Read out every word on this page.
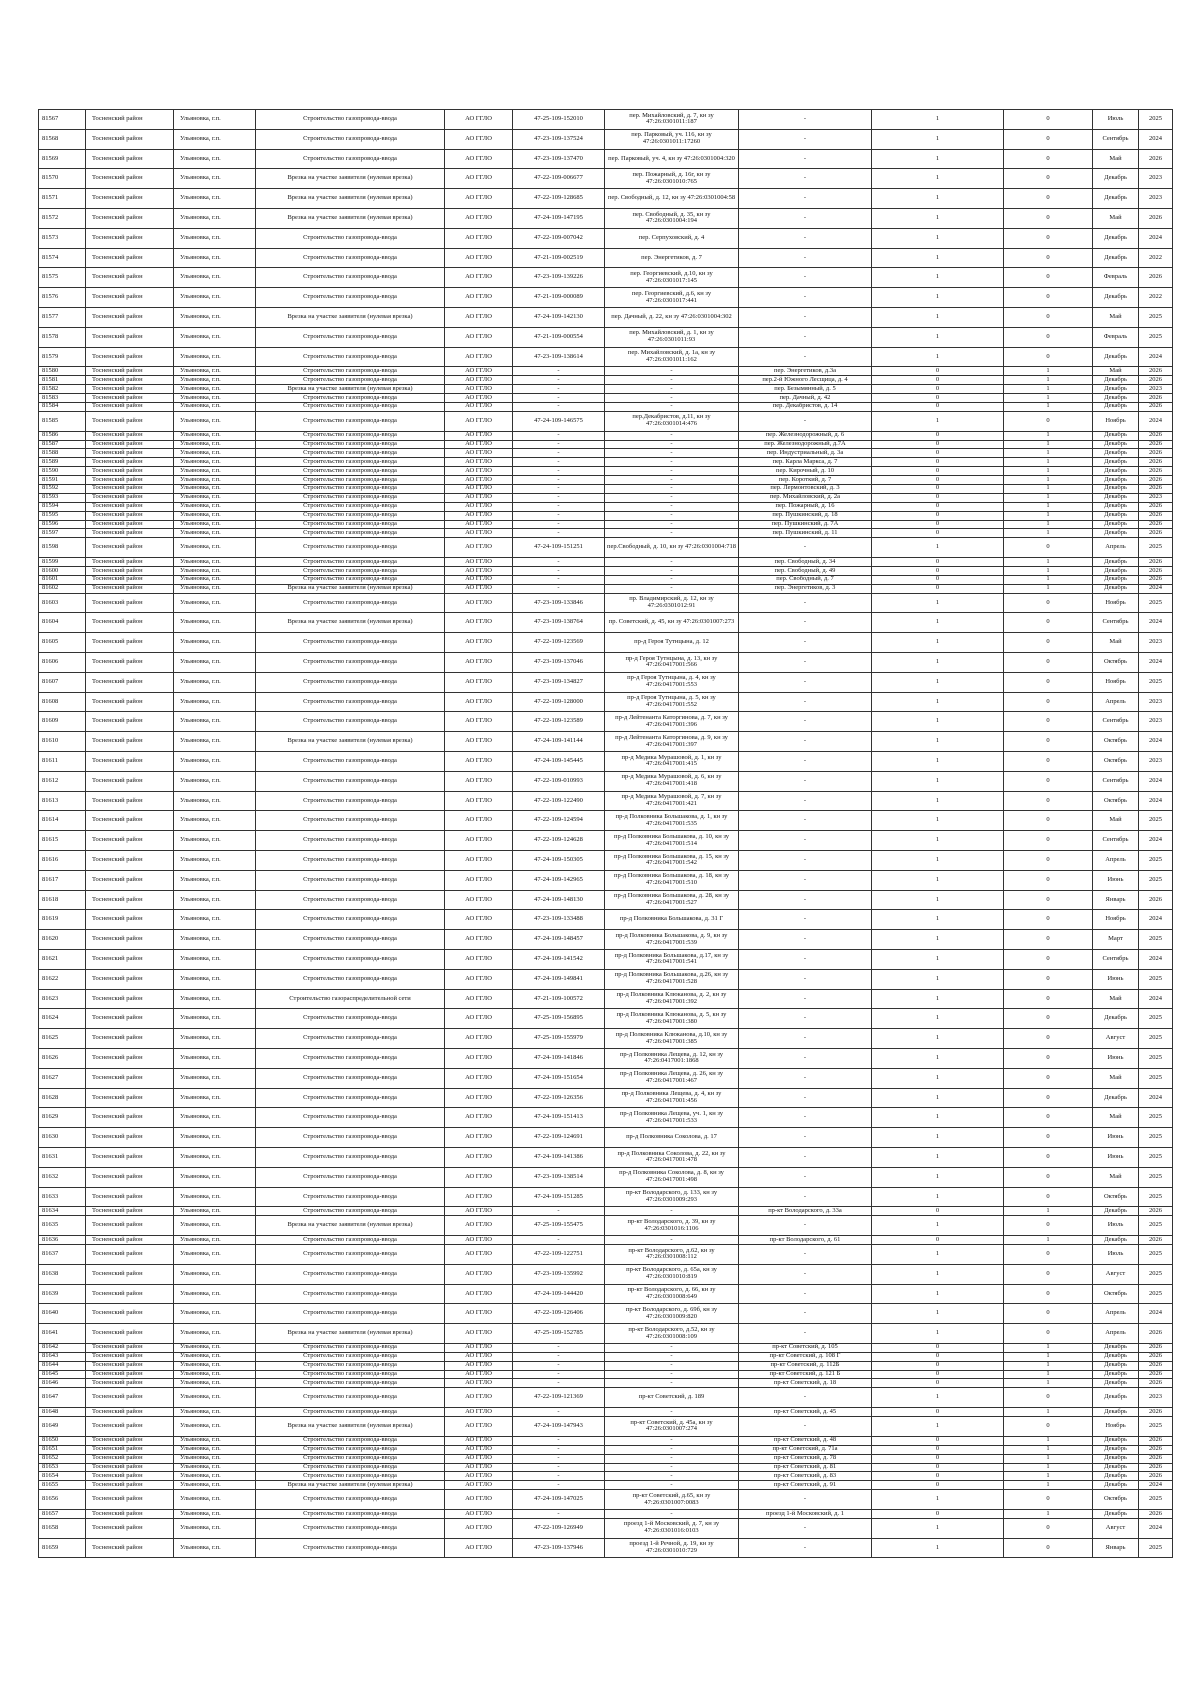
81567	Тосненский район	Ульяновка, г.п.	Строительство газопровода-ввода	АО ГГЛО	47-25-109-152010	пер. Михайловский, д. 7, кн зу 47:26:0301011:187	-	1	0	Июль	2025
81568	Тосненский район	Ульяновка, г.п.	Строительство газопровода-ввода	АО ГГЛО	47-23-109-137524	пер. Парковый, уч. 116, кн зу 47:26:0301011:17260	-	1	0	Сентябрь	2024
81569	Тосненский район	Ульяновка, г.п.	Строительство газопровода-ввода	АО ГГЛО	47-23-109-137470	пер. Парковый, уч. 4, кн зу 47:26:0301004:320	-	1	0	Май	2026
81570	Тосненский район	Ульяновка, г.п.	Врезка на участке заявителя (нулевая врезка)	АО ГГЛО	47-22-109-006677	пер. Пожарный, д. 16г, кн зу 47:26:0301010:765	-	1	0	Декабрь	2023
81571	Тосненский район	Ульяновка, г.п.	Врезка на участке заявителя (нулевая врезка)	АО ГГЛО	47-22-109-128685	пер. Свободный, д. 12, кн зу 47:26:0301004:58	-	1	0	Декабрь	2023
81572	Тосненский район	Ульяновка, г.п.	Врезка на участке заявителя (нулевая врезка)	АО ГГЛО	47-24-109-147195	пер. Свободный, д. 35, кн зу 47:26:0301004:194	-	1	0	Май	2026
81573	Тосненский район	Ульяновка, г.п.	Строительство газопровода-ввода	АО ГГЛО	47-22-109-007042	пер. Серпуховский, д. 4	-	1	0	Декабрь	2024
81574	Тосненский район	Ульяновка, г.п.	Строительство газопровода-ввода	АО ГГЛО	47-21-109-002519	пер. Энергетиков, д. 7	-	1	0	Декабрь	2022
81575	Тосненский район	Ульяновка, г.п.	Строительство газопровода-ввода	АО ГГЛО	47-23-109-139226	пер. Георгиевский, д.10, кн зу 47:26:0301017:145	-	1	0	Февраль	2026
81576	Тосненский район	Ульяновка, г.п.	Строительство газопровода-ввода	АО ГГЛО	47-21-109-000089	пер. Георгиевский, д.6, кн зу 47:26:0301017:441	-	1	0	Декабрь	2022
81577	Тосненский район	Ульяновка, г.п.	Врезка на участке заявителя (нулевая врезка)	АО ГГЛО	47-24-109-142130	пер. Дачный, д. 22, кн зу 47:26:0301004:302	-	1	0	Май	2025
81578	Тосненский район	Ульяновка, г.п.	Строительство газопровода-ввода	АО ГГЛО	47-21-109-000554	пер. Михайловский, д. 1, кн зу 47:26:0301011:93	-	1	0	Февраль	2025
81579	Тосненский район	Ульяновка, г.п.	Строительство газопровода-ввода	АО ГГЛО	47-23-109-138614	пер. Михайловский, д. 1а, кн зу 47:26:0301011:162	-	1	0	Декабрь	2024
81580	Тосненский район	Ульяновка, г.п.	Строительство газопровода-ввода	АО ГГЛО	-	-	пер. Энергетиков, д.3а	0	1	Май	2026
81581	Тосненский район	Ульяновка, г.п.	Строительство газопровода-ввода	АО ГГЛО	-	-	пер.2-й Южного Лесщица, д. 4	0	1	Декабрь	2026
81582	Тосненский район	Ульяновка, г.п.	Врезка на участке заявителя (нулевая врезка)	АО ГГЛО	-	-	пер. Безымянный, д. 5	0	1	Декабрь	2023
81583	Тосненский район	Ульяновка, г.п.	Строительство газопровода-ввода	АО ГГЛО	-	-	пер. Дачный, д. 42	0	1	Декабрь	2026
81584	Тосненский район	Ульяновка, г.п.	Строительство газопровода-ввода	АО ГГЛО	-	-	пер. Декабристов, д. 14	0	1	Декабрь	2026
81585	Тосненский район	Ульяновка, г.п.	Строительство газопровода-ввода	АО ГГЛО	47-24-109-146575	пер.Декабристов, д.11, кн зу 47:26:0301014:476	-	1	0	Ноябрь	2024
81586	Тосненский район	Ульяновка, г.п.	Строительство газопровода-ввода	АО ГГЛО	-	-	пер. Железнодорожный, д. 6	0	1	Декабрь	2026
81587	Тосненский район	Ульяновка, г.п.	Строительство газопровода-ввода	АО ГГЛО	-	-	пер. Железнодорожный, д.7А	0	1	Декабрь	2026
81588	Тосненский район	Ульяновка, г.п.	Строительство газопровода-ввода	АО ГГЛО	-	-	пер. Индустриальный, д. 3а	0	1	Декабрь	2026
81589	Тосненский район	Ульяновка, г.п.	Строительство газопровода-ввода	АО ГГЛО	-	-	пер. Карла Маркса, д. 7	0	1	Декабрь	2026
81590	Тосненский район	Ульяновка, г.п.	Строительство газопровода-ввода	АО ГГЛО	-	-	пер. Кирочный, д. 10	0	1	Декабрь	2026
81591	Тосненский район	Ульяновка, г.п.	Строительство газопровода-ввода	АО ГГЛО	-	-	пер. Короткий, д. 7	0	1	Декабрь	2026
81592	Тосненский район	Ульяновка, г.п.	Строительство газопровода-ввода	АО ГГЛО	-	-	пер. Лермонтовский, д. 3	0	1	Декабрь	2026
81593	Тосненский район	Ульяновка, г.п.	Строительство газопровода-ввода	АО ГГЛО	-	-	пер. Михайловский, д. 2а	0	1	Декабрь	2023
81594	Тосненский район	Ульяновка, г.п.	Строительство газопровода-ввода	АО ГГЛО	-	-	пер. Пожарный, д. 16	0	1	Декабрь	2026
81595	Тосненский район	Ульяновка, г.п.	Строительство газопровода-ввода	АО ГГЛО	-	-	пер. Пушкинский, д. 18	0	1	Декабрь	2026
81596	Тосненский район	Ульяновка, г.п.	Строительство газопровода-ввода	АО ГГЛО	-	-	пер. Пушкинский, д. 7А	0	1	Декабрь	2026
81597	Тосненский район	Ульяновка, г.п.	Строительство газопровода-ввода	АО ГГЛО	-	-	пер. Пушкинский, д. 11	0	1	Декабрь	2026
81598	Тосненский район	Ульяновка, г.п.	Строительство газопровода-ввода	АО ГГЛО	47-24-109-151251	пер.Свободный, д. 10, кн зу 47:26:0301004:718	-	1	0	Апрель	2025
81599	Тосненский район	Ульяновка, г.п.	Строительство газопровода-ввода	АО ГГЛО	-	-	пер. Свободный, д. 34	0	1	Декабрь	2026
81600	Тосненский район	Ульяновка, г.п.	Строительство газопровода-ввода	АО ГГЛО	-	-	пер. Свободный, д. 49	0	1	Декабрь	2026
81601	Тосненский район	Ульяновка, г.п.	Строительство газопровода-ввода	АО ГГЛО	-	-	пер. Свободный, д. 7	0	1	Декабрь	2026
81602	Тосненский район	Ульяновка, г.п.	Врезка на участке заявителя (нулевая врезка)	АО ГГЛО	-	-	пер. Энергетиков, д. 3	0	1	Декабрь	2024
81603	Тосненский район	Ульяновка, г.п.	Строительство газопровода-ввода	АО ГГЛО	47-23-109-133846	пр. Владимирский, д. 12, кн зу 47:26:0301012:91	-	1	0	Ноябрь	2025
81604	Тосненский район	Ульяновка, г.п.	Врезка на участке заявителя (нулевая врезка)	АО ГГЛО	47-23-109-138764	пр. Советский, д. 45, кн зу 47:26:0301007:273	-	1	0	Сентябрь	2024
81605	Тосненский район	Ульяновка, г.п.	Строительство газопровода-ввода	АО ГГЛО	47-22-109-123569	пр-д Героя Тутнцына, д. 12	-	1	0	Май	2023
81606	Тосненский район	Ульяновка, г.п.	Строительство газопровода-ввода	АО ГГЛО	47-23-109-137046	пр-д Героя Тутнцына, д. 13, кн зу 47:26:0417001:566	-	1	0	Октябрь	2024
81607	Тосненский район	Ульяновка, г.п.	Строительство газопровода-ввода	АО ГГЛО	47-23-109-134827	пр-д Героя Тутнцына, д. 4, кн зу 47:26:0417001:553	-	1	0	Ноябрь	2025
81608	Тосненский район	Ульяновка, г.п.	Строительство газопровода-ввода	АО ГГЛО	47-22-109-128000	пр-д Героя Тутнцына, д. 5, кн зу 47:26:0417001:552	-	1	0	Апрель	2023
81609	Тосненский район	Ульяновка, г.п.	Строительство газопровода-ввода	АО ГГЛО	47-22-109-123589	пр-д Лейтенанта Каторгинова, д. 7, кн зу 47:26:0417001:396	-	1	0	Сентябрь	2023
81610	Тосненский район	Ульяновка, г.п.	Врезка на участке заявителя (нулевая врезка)	АО ГГЛО	47-24-109-141144	пр-д Лейтенанта Каторгинова, д. 9, кн зу 47:26:0417001:397	-	1	0	Октябрь	2024
81611	Тосненский район	Ульяновка, г.п.	Строительство газопровода-ввода	АО ГГЛО	47-24-109-145445	пр-д Медика Мурашовой, д. 1, кн зу 47:26:0417001:415	-	1	0	Октябрь	2023
81612	Тосненский район	Ульяновка, г.п.	Строительство газопровода-ввода	АО ГГЛО	47-22-109-010993	пр-д Медика Мурашовой, д. 6, кн зу 47:26:0417001:418	-	1	0	Сентябрь	2024
81613	Тосненский район	Ульяновка, г.п.	Строительство газопровода-ввода	АО ГГЛО	47-22-109-122490	пр-д Медика Мурашовой, д. 7, кн зу 47:26:0417001:421	-	1	0	Октябрь	2024
81614	Тосненский район	Ульяновка, г.п.	Строительство газопровода-ввода	АО ГГЛО	47-22-109-124594	пр-д Полковника Большакова, д. 1, кн зу 47:26:0417001:535	-	1	0	Май	2025
81615	Тосненский район	Ульяновка, г.п.	Строительство газопровода-ввода	АО ГГЛО	47-22-109-124628	пр-д Полковника Большакова, д. 10, кн зу 47:26:0417001:514	-	1	0	Сентябрь	2024
81616	Тосненский район	Ульяновка, г.п.	Строительство газопровода-ввода	АО ГГЛО	47-24-109-150305	пр-д Полковника Большакова, д. 15, кн зу 47:26:0417001:542	-	1	0	Апрель	2025
81617	Тосненский район	Ульяновка, г.п.	Строительство газопровода-ввода	АО ГГЛО	47-24-109-142965	пр-д Полковника Большакова, д. 18, кн зу 47:26:0417001:510	-	1	0	Июнь	2025
81618	Тосненский район	Ульяновка, г.п.	Строительство газопровода-ввода	АО ГГЛО	47-24-109-148130	пр-д Полковника Большакова, д. 28, кн зу 47:26:0417001:527	-	1	0	Январь	2026
81619	Тосненский район	Ульяновка, г.п.	Строительство газопровода-ввода	АО ГГЛО	47-23-109-133488	пр-д Полковника Большакова, д. 31 Г	-	1	0	Ноябрь	2024
81620	Тосненский район	Ульяновка, г.п.	Строительство газопровода-ввода	АО ГГЛО	47-24-109-148457	пр-д Полковника Большакова, д. 9, кн зу 47:26:0417001:539	-	1	0	Март	2025
81621	Тосненский район	Ульяновка, г.п.	Строительство газопровода-ввода	АО ГГЛО	47-24-109-141542	пр-д Полковника Большакова, д.17, кн зу 47:26:0417001:541	-	1	0	Сентябрь	2024
81622	Тосненский район	Ульяновка, г.п.	Строительство газопровода-ввода	АО ГГЛО	47-24-109-149841	пр-д Полковника Большакова, д.26, кн зу 47:26:0417001:528	-	1	0	Июнь	2025
81623	Тосненский район	Ульяновка, г.п.	Строительство газораспределительной сети	АО ГГЛО	47-21-109-100572	пр-д Полковника Клюканова, д. 2, кн зу 47:26:0417001:392	-	1	0	Май	2024
81624	Тосненский район	Ульяновка, г.п.	Строительство газопровода-ввода	АО ГГЛО	47-25-109-156895	пр-д Полковника Клюканова, д. 5, кн зу 47:26:0417001:380	-	1	0	Декабрь	2025
81625	Тосненский район	Ульяновка, г.п.	Строительство газопровода-ввода	АО ГГЛО	47-25-109-155979	пр-д Полковника Клюканова, д.10, кн зу 47:26:0417001:385	-	1	0	Август	2025
81626	Тосненский район	Ульяновка, г.п.	Строительство газопровода-ввода	АО ГГЛО	47-24-109-141846	пр-д Полковника Лещева, д. 12, кн зу 47:26:0417001:1868	-	1	0	Июнь	2025
81627	Тосненский район	Ульяновка, г.п.	Строительство газопровода-ввода	АО ГГЛО	47-24-109-151654	пр-д Полковника Лещева, д. 26, кн зу 47:26:0417001:467	-	1	0	Май	2025
81628	Тосненский район	Ульяновка, г.п.	Строительство газопровода-ввода	АО ГГЛО	47-22-109-126356	пр-д Полковника Лещева, д. 4, кн зу 47:26:0417001:456	-	1	0	Декабрь	2024
81629	Тосненский район	Ульяновка, г.п.	Строительство газопровода-ввода	АО ГГЛО	47-24-109-151413	пр-д Полковника Лещева, уч. 1, кн зу 47:26:0417001:533	-	1	0	Май	2025
81630	Тосненский район	Ульяновка, г.п.	Строительство газопровода-ввода	АО ГГЛО	47-22-109-124691	пр-д Полковника Соколова, д. 17	-	1	0	Июнь	2025
81631	Тосненский район	Ульяновка, г.п.	Строительство газопровода-ввода	АО ГГЛО	47-24-109-141386	пр-д Полковника Соколова, д. 22, кн зу 47:26:0417001:478	-	1	0	Июнь	2025
81632	Тосненский район	Ульяновка, г.п.	Строительство газопровода-ввода	АО ГГЛО	47-23-109-138514	пр-д Полковника Соколова, д. 8, кн зу 47:26:0417001:498	-	1	0	Май	2025
81633	Тосненский район	Ульяновка, г.п.	Строительство газопровода-ввода	АО ГГЛО	47-24-109-151285	пр-кт Володарского, д. 133, кн зу 47:26:0301009:293	-	1	0	Октябрь	2025
81634	Тосненский район	Ульяновка, г.п.	Строительство газопровода-ввода	АО ГГЛО	-	-	пр-кт Володарского, д. 33а	0	1	Декабрь	2026
81635	Тосненский район	Ульяновка, г.п.	Врезка на участке заявителя (нулевая врезка)	АО ГГЛО	47-25-109-155475	пр-кт Володарского, д. 39, кн зу 47:26:0301016:1106	-	1	0	Июль	2025
81636	Тосненский район	Ульяновка, г.п.	Строительство газопровода-ввода	АО ГГЛО	-	-	пр-кт Володарского, д. 61	0	1	Декабрь	2026
81637	Тосненский район	Ульяновка, г.п.	Строительство газопровода-ввода	АО ГГЛО	47-22-109-122751	пр-кт Володарского, д.62, кн зу 47:26:0301008:112	-	1	0	Июль	2025
81638	Тосненский район	Ульяновка, г.п.	Строительство газопровода-ввода	АО ГГЛО	47-23-109-135992	пр-кт Володарского, д. 65а, кн зу 47:26:0301010:819	-	1	0	Август	2025
81639	Тосненский район	Ульяновка, г.п.	Строительство газопровода-ввода	АО ГГЛО	47-24-109-144420	пр-кт Володарского, д. 66, кн зу 47:26:0301008:649	-	1	0	Октябрь	2025
81640	Тосненский район	Ульяновка, г.п.	Строительство газопровода-ввода	АО ГГЛО	47-22-109-126406	пр-кт Володарского, д. 69б, кн зу 47:26:0301009:820	-	1	0	Апрель	2024
81641	Тосненский район	Ульяновка, г.п.	Врезка на участке заявителя (нулевая врезка)	АО ГГЛО	47-25-109-152785	пр-кт Володарского, д.52, кн зу 47:26:0301008:109	-	1	0	Апрель	2026
81642	Тосненский район	Ульяновка, г.п.	Строительство газопровода-ввода	АО ГГЛО	-	-	пр-кт Советский, д. 105	0	1	Декабрь	2026
81643	Тосненский район	Ульяновка, г.п.	Строительство газопровода-ввода	АО ГГЛО	-	-	пр-кт Советский, д. 108 Г	0	1	Декабрь	2026
81644	Тосненский район	Ульяновка, г.п.	Строительство газопровода-ввода	АО ГГЛО	-	-	пр-кт Советский, д. 112Б	0	1	Декабрь	2026
81645	Тосненский район	Ульяновка, г.п.	Строительство газопровода-ввода	АО ГГЛО	-	-	пр-кт Советский, д. 121 Б	0	1	Декабрь	2026
81646	Тосненский район	Ульяновка, г.п.	Строительство газопровода-ввода	АО ГГЛО	-	-	пр-кт Советский, д. 18	0	1	Декабрь	2026
81647	Тосненский район	Ульяновка, г.п.	Строительство газопровода-ввода	АО ГГЛО	47-22-109-121369	пр-кт Советский, д. 189	-	1	0	Декабрь	2023
81648	Тосненский район	Ульяновка, г.п.	Строительство газопровода-ввода	АО ГГЛО	-	-	пр-кт Советский, д. 45	0	1	Декабрь	2026
81649	Тосненский район	Ульяновка, г.п.	Врезка на участке заявителя (нулевая врезка)	АО ГГЛО	47-24-109-147943	пр-кт Советский, д. 45а, кн зу 47:26:0301007:274	-	1	0	Ноябрь	2025
81650	Тосненский район	Ульяновка, г.п.	Строительство газопровода-ввода	АО ГГЛО	-	-	пр-кт Советский, д. 48	0	1	Декабрь	2026
81651	Тосненский район	Ульяновка, г.п.	Строительство газопровода-ввода	АО ГГЛО	-	-	пр-кт Советский, д. 71а	0	1	Декабрь	2026
81652	Тосненский район	Ульяновка, г.п.	Строительство газопровода-ввода	АО ГГЛО	-	-	пр-кт Советский, д. 78	0	1	Декабрь	2026
81653	Тосненский район	Ульяновка, г.п.	Строительство газопровода-ввода	АО ГГЛО	-	-	пр-кт Советский, д. 81	0	1	Декабрь	2026
81654	Тосненский район	Ульяновка, г.п.	Строительство газопровода-ввода	АО ГГЛО	-	-	пр-кт Советский, д. 83	0	1	Декабрь	2026
81655	Тосненский район	Ульяновка, г.п.	Врезка на участке заявителя (нулевая врезка)	АО ГГЛО	-	-	пр-кт Советский, д. 91	0	1	Декабрь	2024
81656	Тосненский район	Ульяновка, г.п.	Строительство газопровода-ввода	АО ГГЛО	47-24-109-147025	пр-кт Советский, д.65, кн зу 47:26:0301007:0083	-	1	0	Октябрь	2025
81657	Тосненский район	Ульяновка, г.п.	Строительство газопровода-ввода	АО ГГЛО	-	-	проезд 1-й Московский, д. 1	0	1	Декабрь	2026
81658	Тосненский район	Ульяновка, г.п.	Строительство газопровода-ввода	АО ГГЛО	47-22-109-126949	проезд 1-й Московский, д. 7, кн зу 47:26:0301016:0103	-	1	0	Август	2024
81659	Тосненский район	Ульяновка, г.п.	Строительство газопровода-ввода	АО ГГЛО	47-23-109-137946	проезд 1-й Речной, д. 19, кн зу 47:26:0301010:729	-	1	0	Январь	2025
